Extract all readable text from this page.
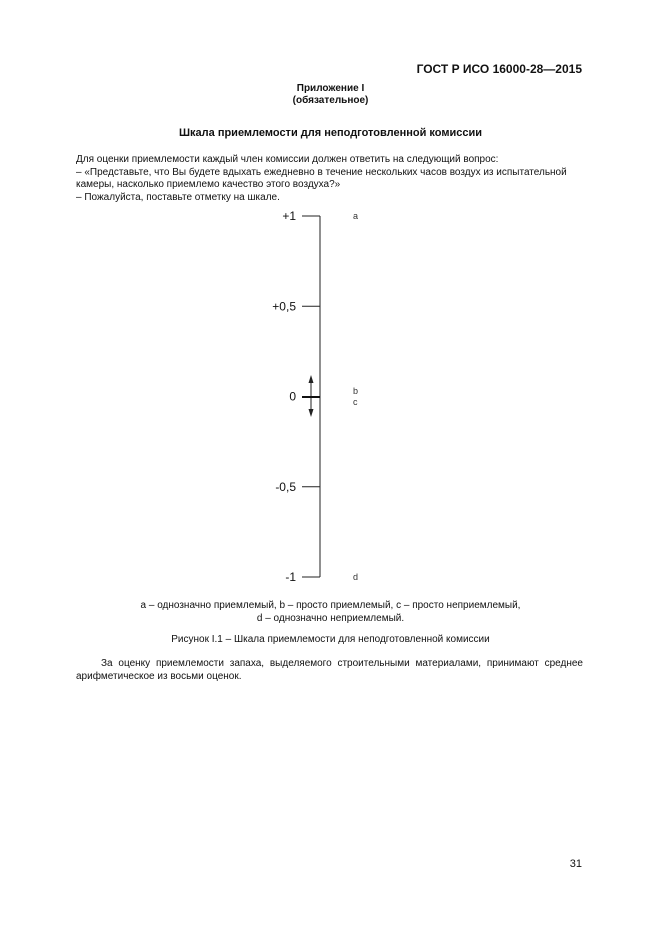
ГОСТ Р ИСО 16000-28—2015
Приложение I
(обязательное)
Шкала приемлемости для неподготовленной комиссии

Для оценки приемлемости каждый член комиссии должен ответить на следующий вопрос:

– «Представьте, что Вы будете вдыхать ежедневно в течение нескольких часов воздух из испытательной камеры, насколько приемлемо качество этого воздуха?»

– Пожалуйста, поставьте отметку на шкале.

+1
+0,5
0
-0,5
-1
a
b
c
d
а – однозначно приемлемый, b – просто приемлемый, с – просто неприемлемый,
d – однозначно неприемлемый.
Рисунок I.1 – Шкала приемлемости для неподготовленной комиссии
За оценку приемлемости запаха, выделяемого строительными материалами, принимают среднее арифметическое из восьми оценок.
31
